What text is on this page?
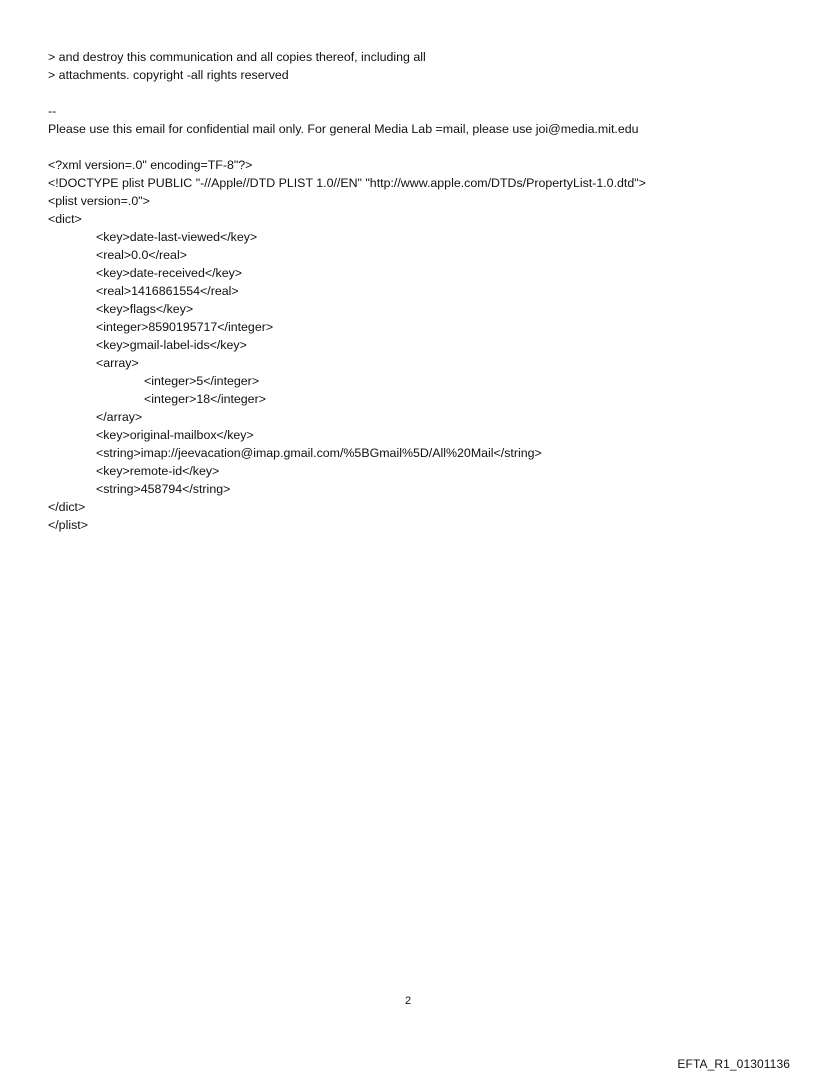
> and destroy this communication and all copies thereof, including all
> attachments. copyright -all rights reserved
--
Please use this email for confidential mail only. For general Media Lab =mail, please use joi@media.mit.edu
<?xml version=.0" encoding=TF-8"?>
<!DOCTYPE plist PUBLIC "-//Apple//DTD PLIST 1.0//EN" "http://www.apple.com/DTDs/PropertyList-1.0.dtd">
<plist version=.0">
<dict>
<key>date-last-viewed</key>
<real>0.0</real>
<key>date-received</key>
<real>1416861554</real>
<key>flags</key>
<integer>8590195717</integer>
<key>gmail-label-ids</key>
<array>
<integer>5</integer>
<integer>18</integer>
</array>
<key>original-mailbox</key>
<string>imap://jeevacation@imap.gmail.com/%5BGmail%5D/All%20Mail</string>
<key>remote-id</key>
<string>458794</string>
</dict>
</plist>
2
EFTA_R1_01301136
